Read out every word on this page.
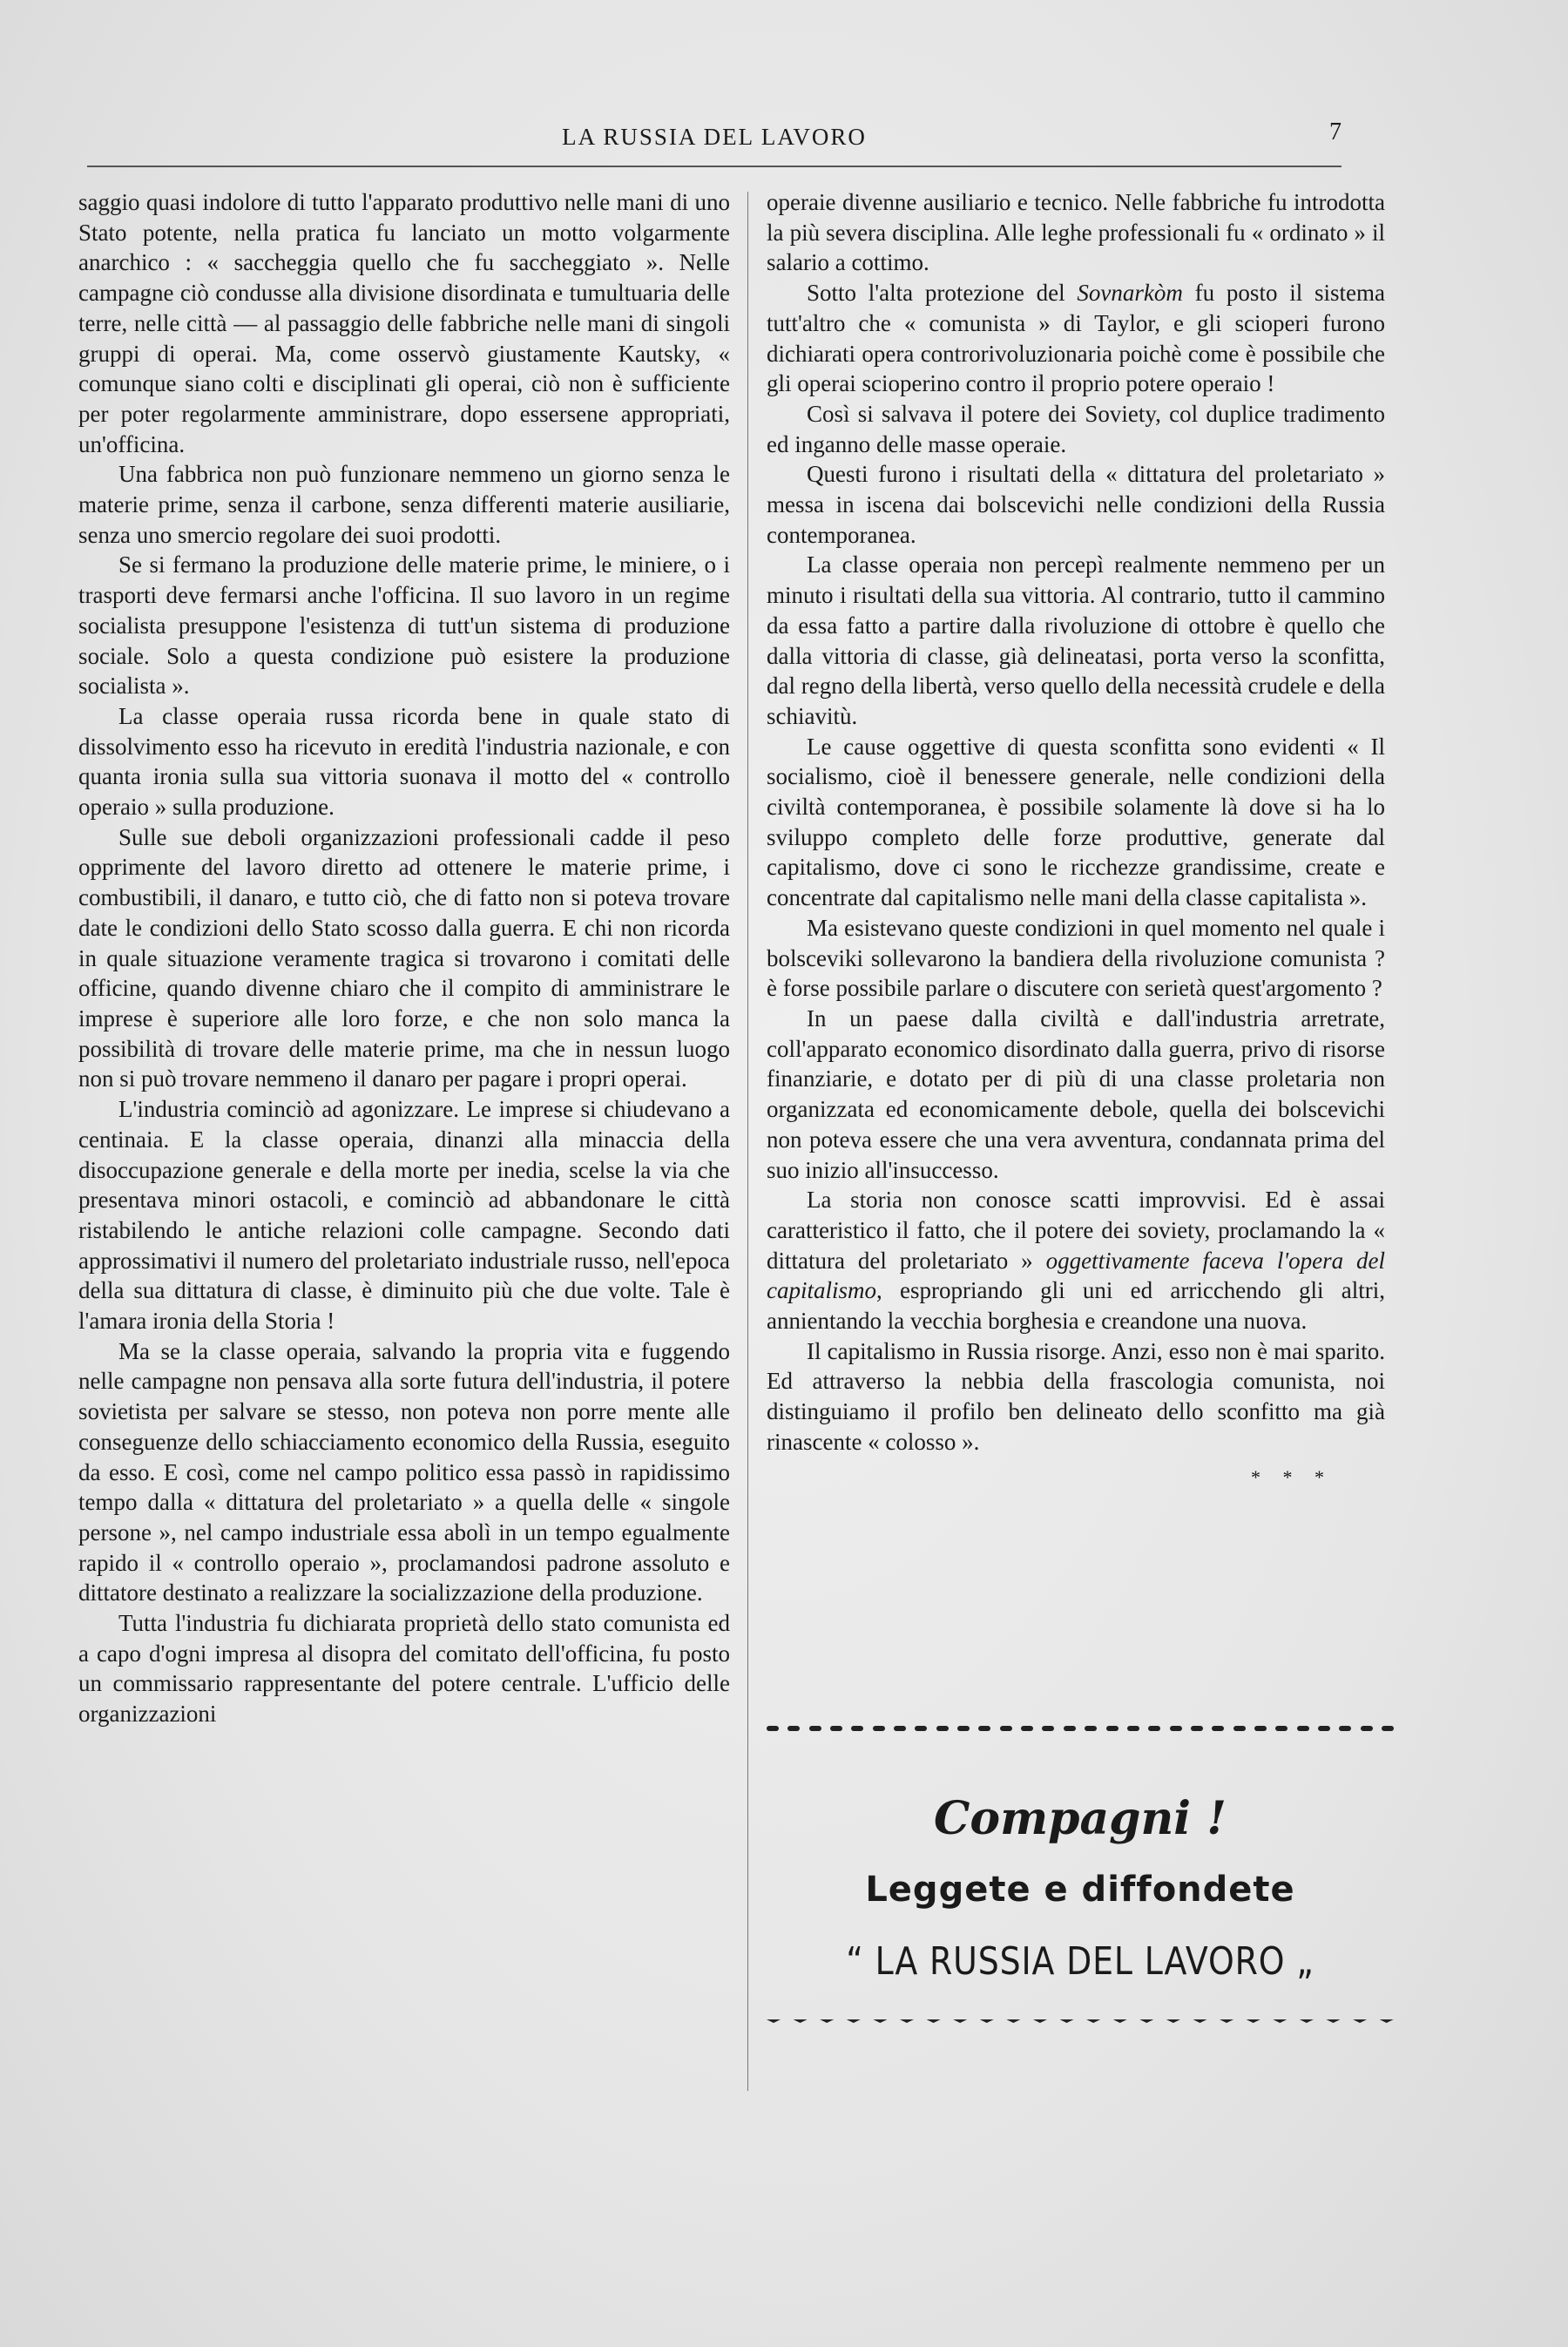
LA RUSSIA DEL LAVORO	7

saggio quasi indolore di tutto l'apparato produttivo nelle mani di uno Stato potente, nella pratica fu lanciato un motto volgarmente anarchico : « saccheggia quello che fu saccheggiato ». Nelle campagne ciò condusse alla divisione disordinata e tumultuaria delle terre, nelle città — al passaggio delle fabbriche nelle mani di singoli gruppi di operai. Ma, come osservò giustamente Kautsky, « comunque siano colti e disciplinati gli operai, ciò non è sufficiente per poter regolarmente amministrare, dopo essersene appropriati, un'officina.

Una fabbrica non può funzionare nemmeno un giorno senza le materie prime, senza il carbone, senza differenti materie ausiliarie, senza uno smercio regolare dei suoi prodotti.

Se si fermano la produzione delle materie prime, le miniere, o i trasporti deve fermarsi anche l'officina. Il suo lavoro in un regime socialista presuppone l'esistenza di tutt'un sistema di produzione sociale. Solo a questa condizione può esistere la produzione socialista ».

La classe operaia russa ricorda bene in quale stato di dissolvimento esso ha ricevuto in eredità l'industria nazionale, e con quanta ironia sulla sua vittoria suonava il motto del « controllo operaio » sulla produzione.

Sulle sue deboli organizzazioni professionali cadde il peso opprimente del lavoro diretto ad ottenere le materie prime, i combustibili, il danaro, e tutto ciò, che di fatto non si poteva trovare date le condizioni dello Stato scosso dalla guerra. E chi non ricorda in quale situazione veramente tragica si trovarono i comitati delle officine, quando divenne chiaro che il compito di amministrare le imprese è superiore alle loro forze, e che non solo manca la possibilità di trovare delle materie prime, ma che in nessun luogo non si può trovare nemmeno il danaro per pagare i propri operai.

L'industria cominciò ad agonizzare. Le imprese si chiudevano a centinaia. E la classe operaia, dinanzi alla minaccia della disoccupazione generale e della morte per inedia, scelse la via che presentava minori ostacoli, e cominciò ad abbandonare le città ristabilendo le antiche relazioni colle campagne. Secondo dati approssimativi il numero del proletariato industriale russo, nell'epoca della sua dittatura di classe, è diminuito più che due volte. Tale è l'amara ironia della Storia !

Ma se la classe operaia, salvando la propria vita e fuggendo nelle campagne non pensava alla sorte futura dell'industria, il potere sovietista per salvare se stesso, non poteva non porre mente alle conseguenze dello schiacciamento economico della Russia, eseguito da esso. E così, come nel campo politico essa passò in rapidissimo tempo dalla « dittatura del proletariato » a quella delle « singole persone », nel campo industriale essa abolì in un tempo egualmente rapido il « controllo operaio », proclamandosi padrone assoluto e dittatore destinato a realizzare la socializzazione della produzione.

Tutta l'industria fu dichiarata proprietà dello stato comunista ed a capo d'ogni impresa al disopra del comitato dell'officina, fu posto un commissario rappresentante del potere centrale. L'ufficio delle organizzazioni

operaie divenne ausiliario e tecnico. Nelle fabbriche fu introdotta la più severa disciplina. Alle leghe professionali fu « ordinato » il salario a cottimo.

Sotto l'alta protezione del Sovnarkòm fu posto il sistema tutt'altro che « comunista » di Taylor, e gli scioperi furono dichiarati opera controrivoluzionaria poichè come è possibile che gli operai scioperino contro il proprio potere operaio !

Così si salvava il potere dei Soviety, col duplice tradimento ed inganno delle masse operaie.

Questi furono i risultati della « dittatura del proletariato » messa in iscena dai bolscevichi nelle condizioni della Russia contemporanea.

La classe operaia non percepì realmente nemmeno per un minuto i risultati della sua vittoria. Al contrario, tutto il cammino da essa fatto a partire dalla rivoluzione di ottobre è quello che dalla vittoria di classe, già delineatasi, porta verso la sconfitta, dal regno della libertà, verso quello della necessità crudele e della schiavitù.

Le cause oggettive di questa sconfitta sono evidenti « Il socialismo, cioè il benessere generale, nelle condizioni della civiltà contemporanea, è possibile solamente là dove si ha lo sviluppo completo delle forze produttive, generate dal capitalismo, dove ci sono le ricchezze grandissime, create e concentrate dal capitalismo nelle mani della classe capitalista ».

Ma esistevano queste condizioni in quel momento nel quale i bolsceviki sollevarono la bandiera della rivoluzione comunista ? è forse possibile parlare o discutere con serietà quest'argomento ?

In un paese dalla civiltà e dall'industria arretrate, coll'apparato economico disordinato dalla guerra, privo di risorse finanziarie, e dotato per di più di una classe proletaria non organizzata ed economicamente debole, quella dei bolscevichi non poteva essere che una vera avventura, condannata prima del suo inizio all'insuccesso.

La storia non conosce scatti improvvisi. Ed è assai caratteristico il fatto, che il potere dei soviety, proclamando la « dittatura del proletariato » oggettivamente faceva l'opera del capitalismo, espropriando gli uni ed arricchendo gli altri, annientando la vecchia borghesia e creandone una nuova.

Il capitalismo in Russia risorge. Anzi, esso non è mai sparito. Ed attraverso la nebbia della frascologia comunista, noi distinguiamo il profilo ben delineato dello sconfitto ma già rinascente « colosso ».

* * *
Compagni !
Leggete e diffondete
“ LA RUSSIA DEL LAVORO „
